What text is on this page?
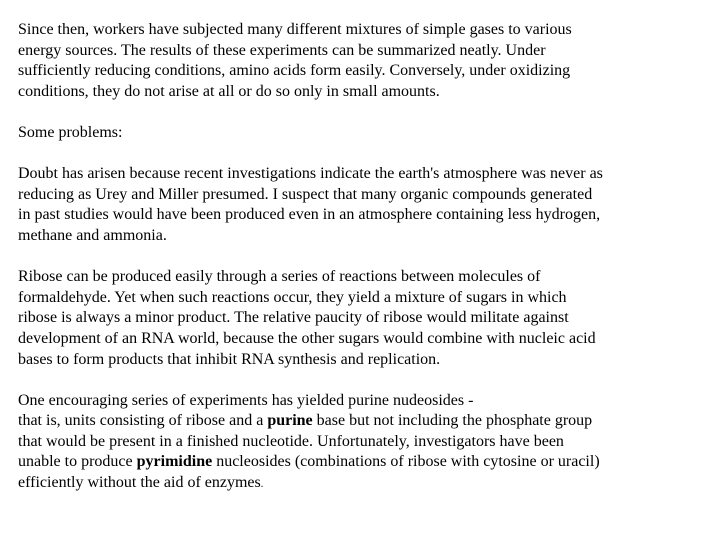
Since then, workers have subjected many different mixtures of simple gases to various
energy sources. The results of these experiments can be summarized neatly. Under
sufficiently reducing conditions, amino acids form easily. Conversely, under oxidizing
conditions, they do not arise at all or do so only in small amounts.
Some problems:
Doubt has arisen because recent investigations indicate the earth's atmosphere was never as
reducing as Urey and Miller presumed. I suspect that many organic compounds generated
in past studies would have been produced even in an atmosphere containing less hydrogen,
methane and ammonia.
Ribose can be produced easily through a series of reactions between molecules of
formaldehyde. Yet when such reactions occur, they yield a mixture of sugars in which
ribose is always a minor product. The relative paucity of ribose would militate against
development of an RNA world, because the other sugars would combine with nucleic acid
bases to form products that inhibit RNA synthesis and replication.
One encouraging series of experiments has yielded purine nudeosides -
that is, units consisting of ribose and a purine base but not including the phosphate group
that would be present in a finished nucleotide. Unfortunately, investigators have been
unable to produce pyrimidine nucleosides (combinations of ribose with cytosine or uracil)
efficiently without the aid of enzymes.
